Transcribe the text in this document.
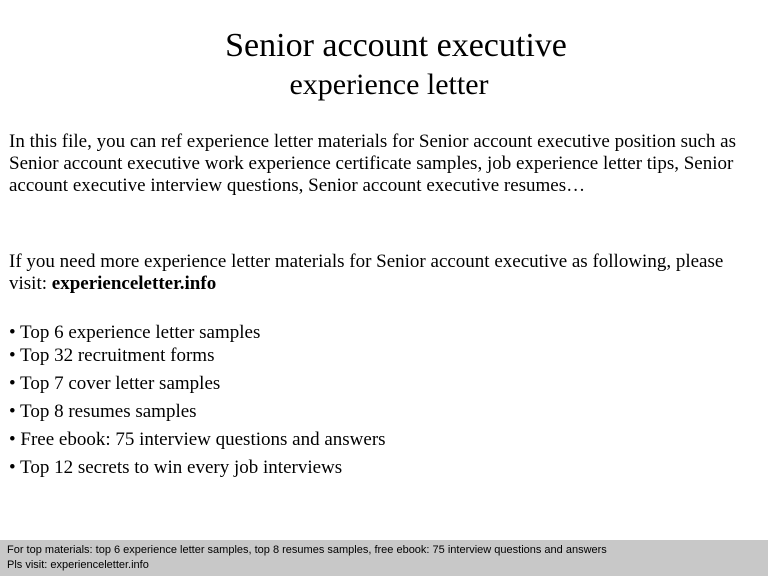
Senior account executive
experience letter

In this file, you can ref experience letter materials for Senior account executive position such as Senior account executive work experience certificate samples, job experience letter tips, Senior account executive interview questions, Senior account executive resumes…

If you need more experience letter materials for Senior account executive as following, please visit: experienceletter.info

• Top 6 experience letter samples
• Top 32 recruitment forms
• Top 7 cover letter samples
• Top 8 resumes samples
• Free ebook: 75 interview questions and answers
• Top 12 secrets to win every job interviews
For top materials: top 6 experience letter samples, top 8 resumes samples, free ebook: 75 interview questions and answers
Pls visit: experienceletter.info
